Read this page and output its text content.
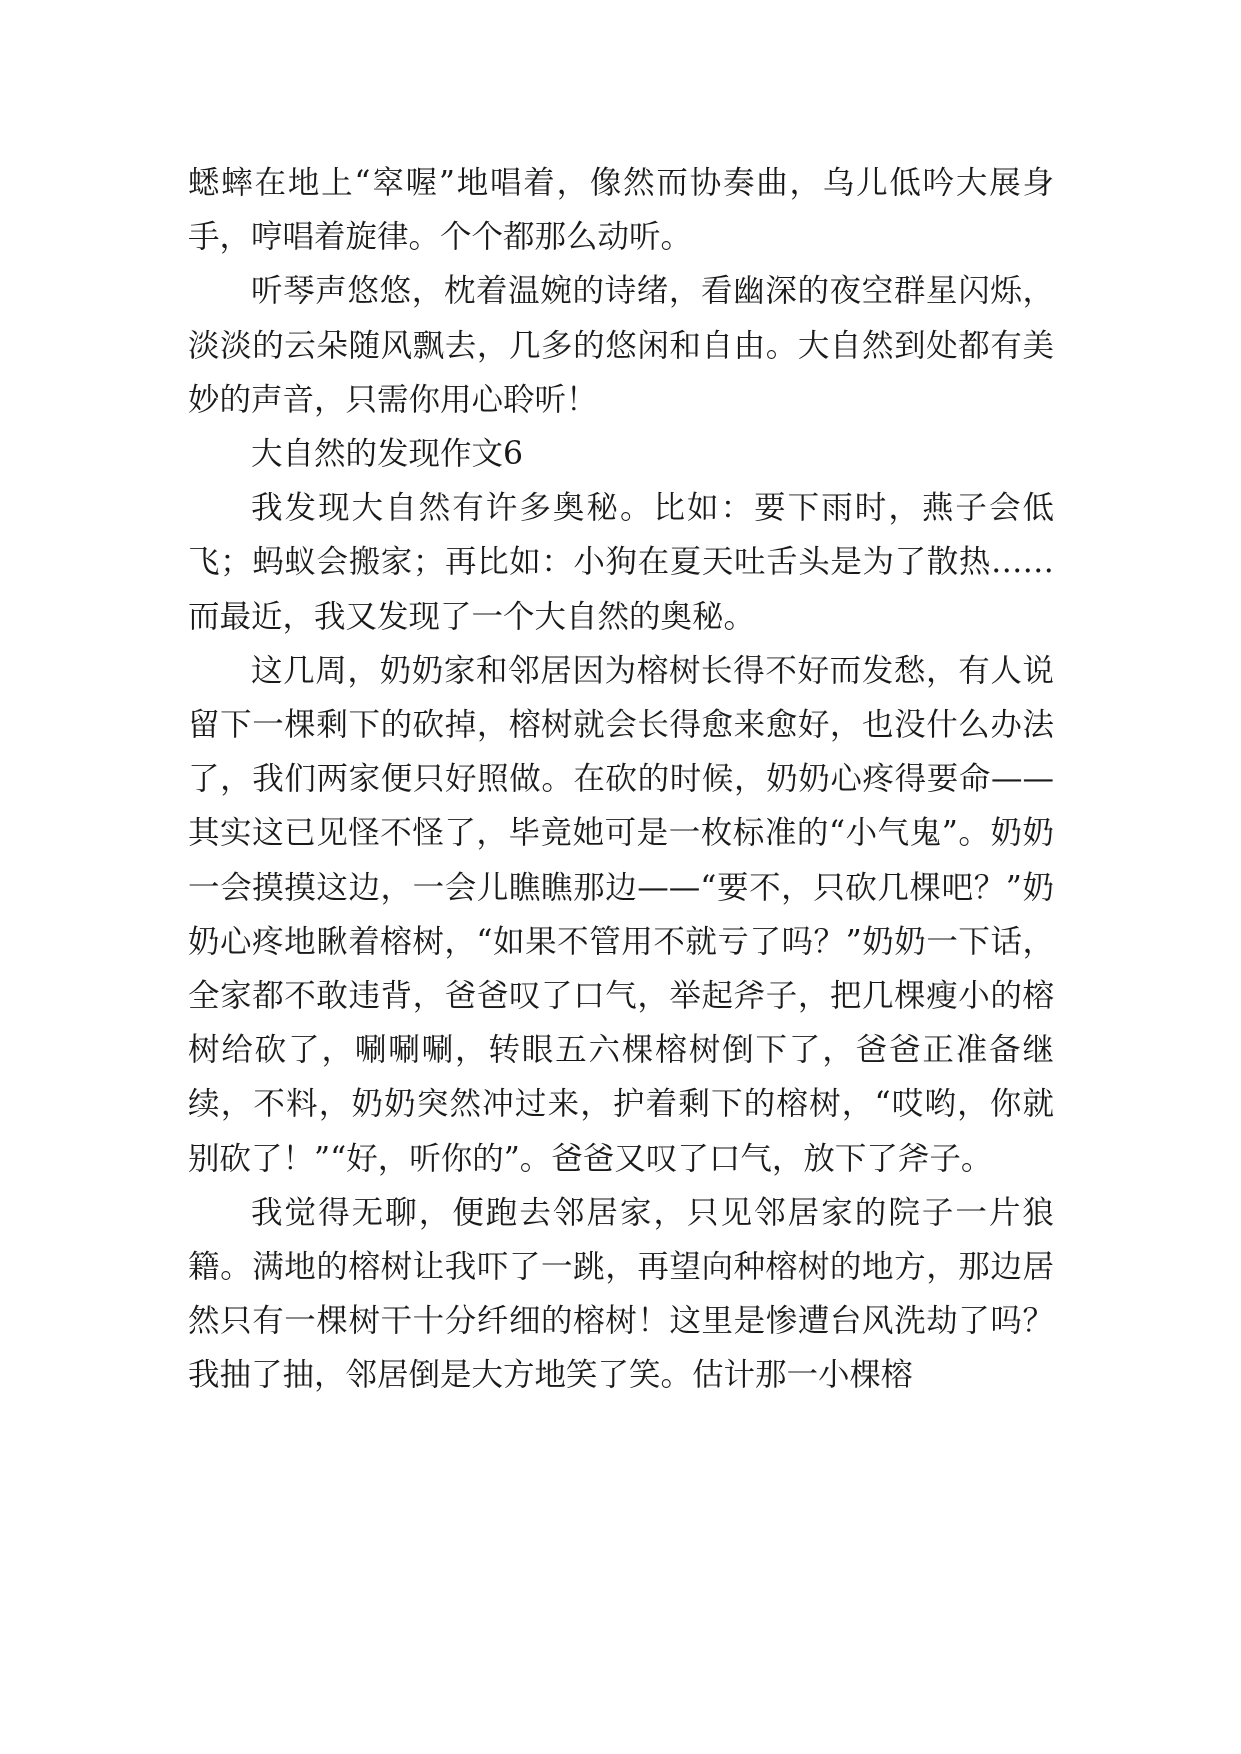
蟋蟀在地上“窣喔”地唱着，像然而协奏曲，乌儿低吟大展身手，哼唱着旋律。个个都那么动听。

听琴声悠悠，枕着温婉的诗绪，看幽深的夜空群星闪烁，淡淡的云朵随风飘去，几多的悠闲和自由。大自然到处都有美妙的声音，只需你用心聆听！

大自然的发现作文6

我发现大自然有许多奥秘。比如：要下雨时，燕子会低飞；蚂蚁会搬家；再比如：小狗在夏天吐舌头是为了散热……而最近，我又发现了一个大自然的奥秘。

这几周，奶奶家和邻居因为榕树长得不好而发愁，有人说留下一棵剩下的砍掉，榕树就会长得愈来愈好，也没什么办法了，我们两家便只好照做。在砍的时候，奶奶心疼得要命——其实这已见怪不怪了，毕竟她可是一枚标准的“小气鬼”。奶奶一会摸摸这边，一会儿瞧瞧那边——“要不，只砍几棵吧？”奶奶心疼地瞅着榕树，“如果不管用不就亏了吗？”奶奶一下话，全家都不敢违背，爸爸叹了口气，举起斧子，把几棵瘦小的榕树给砍了，唰唰唰，转眼五六棵榕树倒下了，爸爸正准备继续，不料，奶奶突然冲过来，护着剩下的榕树，“哎哟，你就别砍了！”“好，听你的”。爸爸又叹了口气，放下了斧子。

我觉得无聊，便跑去邻居家，只见邻居家的院子一片狼籍。满地的榕树让我吓了一跳，再望向种榕树的地方，那边居然只有一棵树干十分纤细的榕树！这里是惨遭台风洗劫了吗？我抽了抽，邻居倒是大方地笑了笑。估计那一小棵榕
